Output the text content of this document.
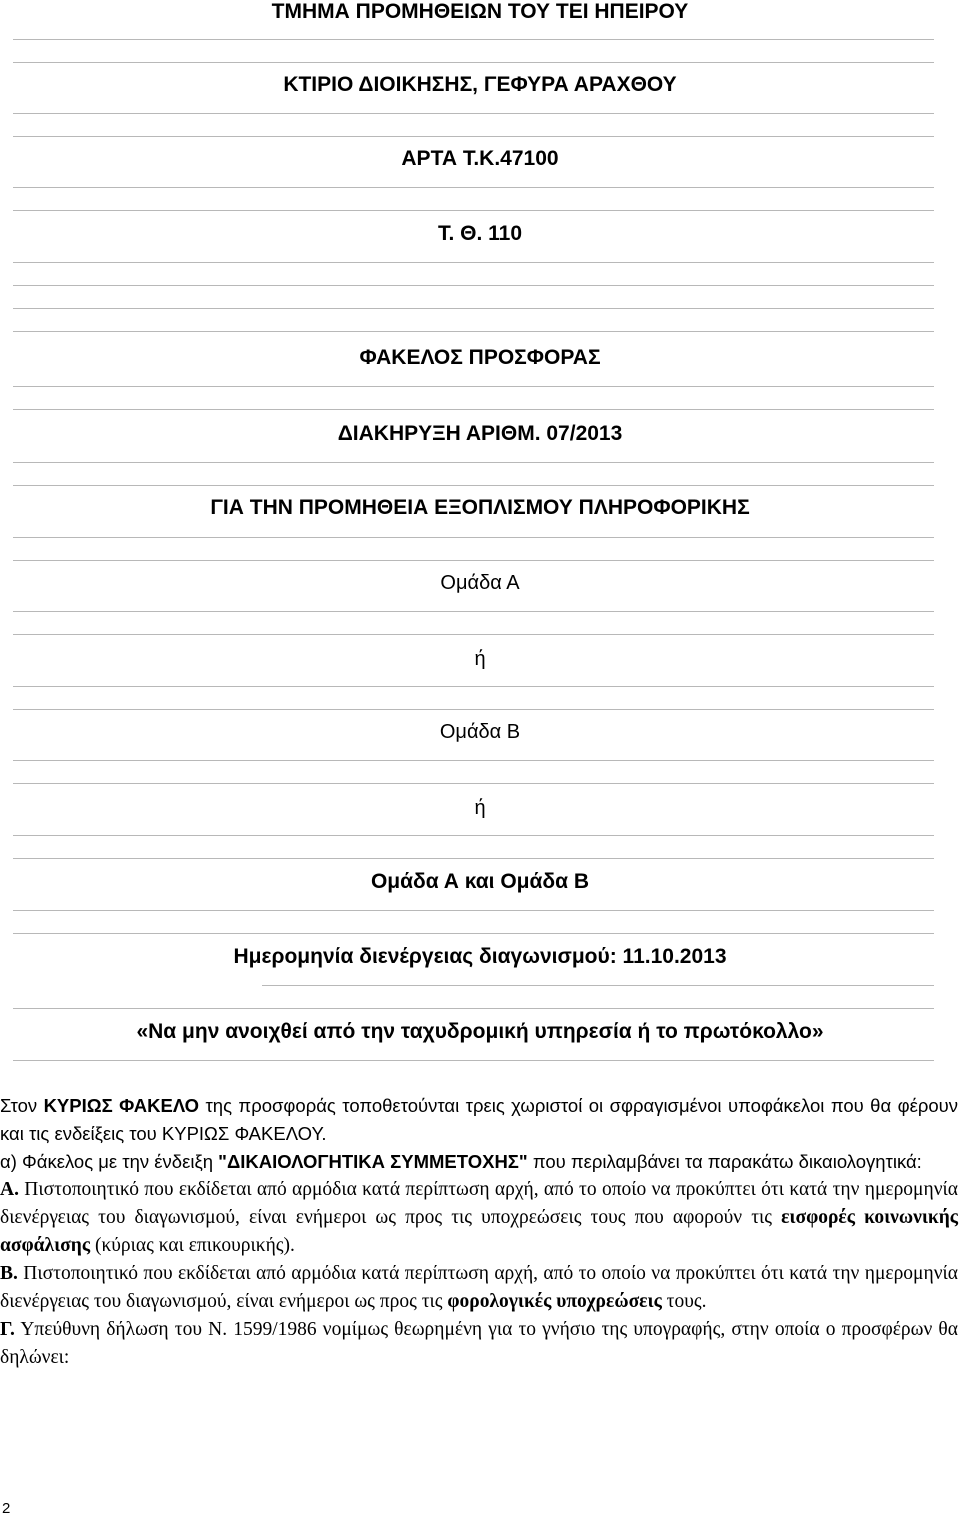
ΤΜΗΜΑ ΠΡΟΜΗΘΕΙΩΝ ΤΟΥ ΤΕΙ ΗΠΕΙΡΟΥ
ΚΤΙΡΙΟ ΔΙΟΙΚΗΣΗΣ, ΓΕΦΥΡΑ ΑΡΑΧΘΟΥ
ΑΡΤΑ Τ.Κ.47100
Τ. Θ. 110
ΦΑΚΕΛΟΣ ΠΡΟΣΦΟΡΑΣ
ΔΙΑΚΗΡΥΞΗ ΑΡΙΘΜ. 07/2013
ΓΙΑ ΤΗΝ ΠΡΟΜΗΘΕΙΑ ΕΞΟΠΛΙΣΜΟΥ ΠΛΗΡΟΦΟΡΙΚΗΣ
Ομάδα Α
ή
Ομάδα Β
ή
Ομάδα Α και Ομάδα Β
Ημερομηνία διενέργειας διαγωνισμού: 11.10.2013
«Να μην ανοιχθεί από την ταχυδρομική υπηρεσία ή το πρωτόκολλο»

Στον ΚΥΡΙΩΣ ΦΑΚΕΛΟ της προσφοράς τοποθετούνται τρεις χωριστοί οι σφραγισμένοι υποφάκελοι που θα φέρουν και τις ενδείξεις του ΚΥΡΙΩΣ ΦΑΚΕΛΟΥ.

α) Φάκελος με την ένδειξη "ΔΙΚΑΙΟΛΟΓΗΤΙΚΑ ΣΥΜΜΕΤΟΧΗΣ" που περιλαμβάνει τα παρακάτω δικαιολογητικά:

Α. Πιστοποιητικό που εκδίδεται από αρμόδια κατά περίπτωση αρχή, από το οποίο να προκύπτει ότι κατά την ημερομηνία διενέργειας του διαγωνισμού, είναι ενήμεροι ως προς τις υποχρεώσεις τους που αφορούν τις εισφορές κοινωνικής ασφάλισης (κύριας και επικουρικής).

Β. Πιστοποιητικό που εκδίδεται από αρμόδια κατά περίπτωση αρχή, από το οποίο να προκύπτει ότι κατά την ημερομηνία διενέργειας του διαγωνισμού, είναι ενήμεροι ως προς τις φορολογικές υποχρεώσεις τους.

Γ. Υπεύθυνη δήλωση του Ν. 1599/1986 νομίμως θεωρημένη για το γνήσιο της υπογραφής, στην οποία ο προσφέρων θα δηλώνει:

2
